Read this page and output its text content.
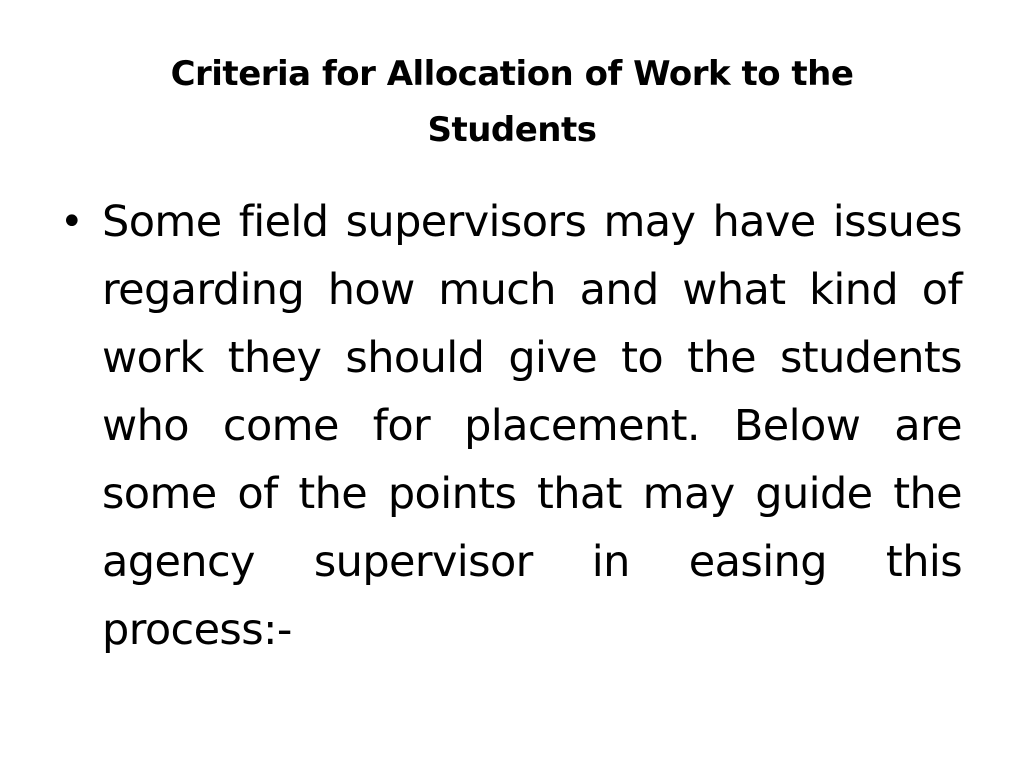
Criteria for Allocation of Work to the Students
• Some field supervisors may have issues regarding how much and what kind of work they should give to the students who come for placement. Below are some of the points that may guide the agency supervisor in easing this process:-
